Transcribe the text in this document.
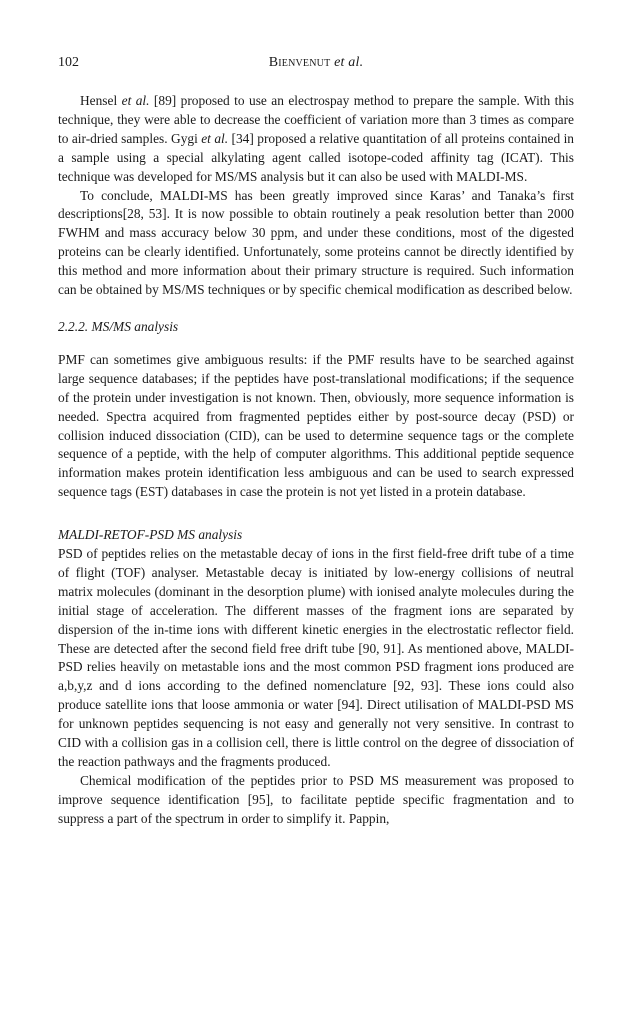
102	Bienvenut et al.

Hensel et al. [89] proposed to use an electrospay method to prepare the sample. With this technique, they were able to decrease the coefficient of variation more than 3 times as compare to air-dried samples. Gygi et al. [34] proposed a relative quantitation of all proteins contained in a sample using a special alkylating agent called isotope-coded affinity tag (ICAT). This technique was developed for MS/MS analysis but it can also be used with MALDI-MS.

To conclude, MALDI-MS has been greatly improved since Karas’ and Tanaka’s first descriptions[28, 53]. It is now possible to obtain routinely a peak resolution better than 2000 FWHM and mass accuracy below 30 ppm, and under these conditions, most of the digested proteins can be clearly identified. Unfortunately, some proteins cannot be directly identified by this method and more information about their primary structure is required. Such information can be obtained by MS/MS techniques or by specific chemical modification as described below.

2.2.2. MS/MS analysis

PMF can sometimes give ambiguous results: if the PMF results have to be searched against large sequence databases; if the peptides have post-translational modifications; if the sequence of the protein under investigation is not known. Then, obviously, more sequence information is needed. Spectra acquired from fragmented peptides either by post-source decay (PSD) or collision induced dissociation (CID), can be used to determine sequence tags or the complete sequence of a peptide, with the help of computer algorithms. This additional peptide sequence information makes protein identification less ambiguous and can be used to search expressed sequence tags (EST) databases in case the protein is not yet listed in a protein database.

MALDI-RETOF-PSD MS analysis

PSD of peptides relies on the metastable decay of ions in the first field-free drift tube of a time of flight (TOF) analyser. Metastable decay is initiated by low-energy collisions of neutral matrix molecules (dominant in the desorption plume) with ionised analyte molecules during the initial stage of acceleration. The different masses of the fragment ions are separated by dispersion of the in-time ions with different kinetic energies in the electrostatic reflector field. These are detected after the second field free drift tube [90, 91]. As mentioned above, MALDI-PSD relies heavily on metastable ions and the most common PSD fragment ions produced are a,b,y,z and d ions according to the defined nomenclature [92, 93]. These ions could also produce satellite ions that loose ammonia or water [94]. Direct utilisation of MALDI-PSD MS for unknown peptides sequencing is not easy and generally not very sensitive. In contrast to CID with a collision gas in a collision cell, there is little control on the degree of dissociation of the reaction pathways and the fragments produced.

Chemical modification of the peptides prior to PSD MS measurement was proposed to improve sequence identification [95], to facilitate peptide specific fragmentation and to suppress a part of the spectrum in order to simplify it. Pappin,
